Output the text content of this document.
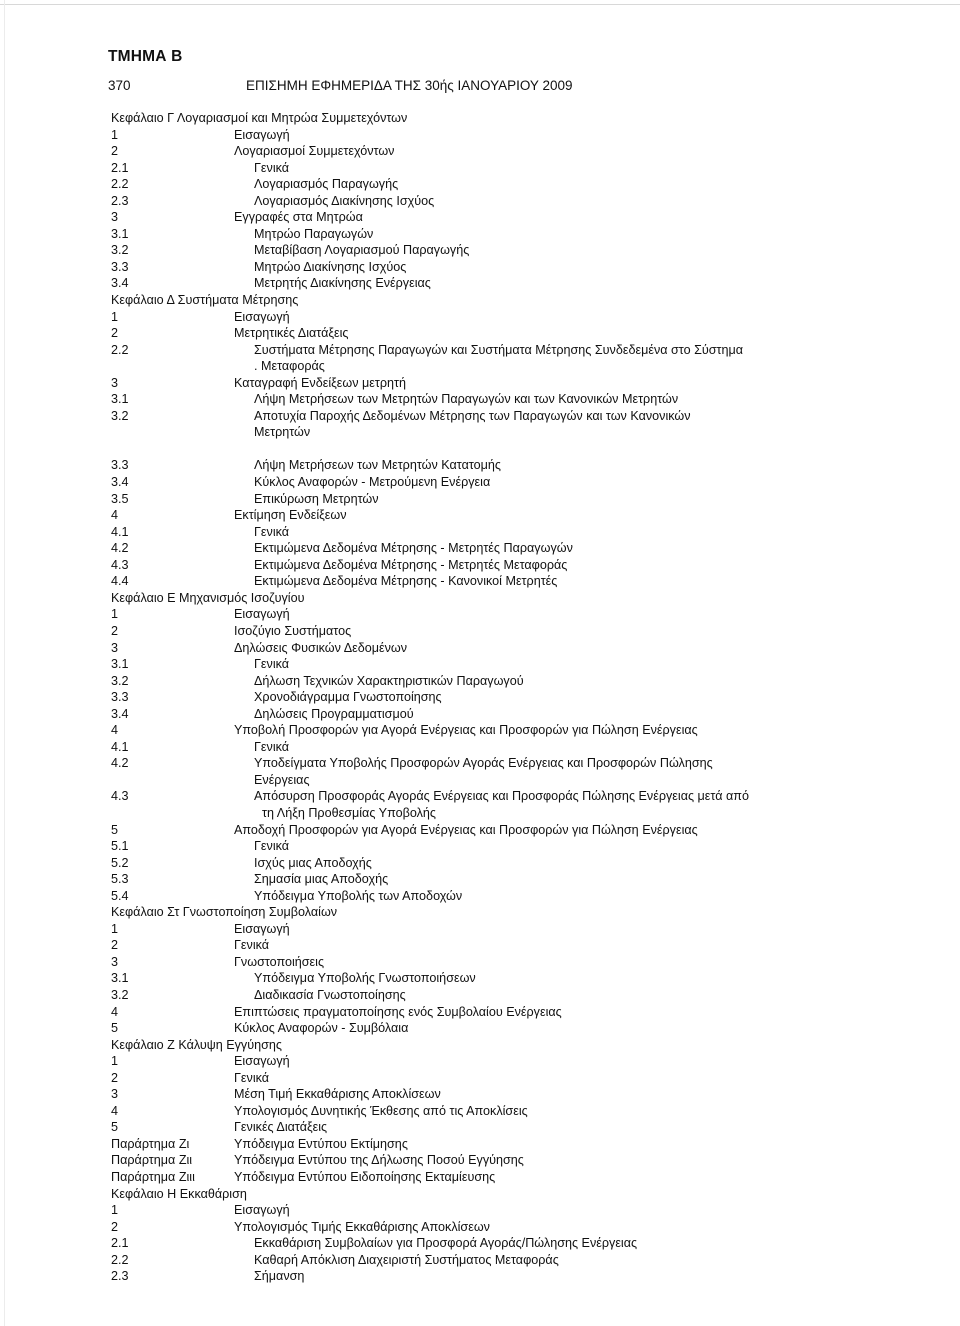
ΤΜΗΜΑ Β
370	ΕΠΙΣΗΜΗ ΕΦΗΜΕΡΙΔΑ ΤΗΣ 30ής ΙΑΝΟΥΑΡΙΟΥ 2009
Κεφάλαιο Γ Λογαριασμοί και Μητρώα Συμμετεχόντων
1	Εισαγωγή
2	Λογαριασμοί Συμμετεχόντων
2.1	Γενικά
2.2	Λογαριασμός Παραγωγής
2.3	Λογαριασμός Διακίνησης Ισχύος
3	Εγγραφές στα Μητρώα
3.1	Μητρώο Παραγωγών
3.2	Μεταβίβαση Λογαριασμού Παραγωγής
3.3	Μητρώο Διακίνησης Ισχύος
3.4	Μετρητής Διακίνησης Ενέργειας
Κεφάλαιο Δ Συστήματα Μέτρησης
1	Εισαγωγή
2	Μετρητικές Διατάξεις
2.2	Συστήματα Μέτρησης Παραγωγών και Συστήματα Μέτρησης Συνδεδεμένα στο Σύστημα
. Μεταφοράς
3	Καταγραφή Ενδείξεων μετρητή
3.1	Λήψη Μετρήσεων των Μετρητών Παραγωγών και των Κανονικών Μετρητών
3.2	Αποτυχία Παροχής Δεδομένων Μέτρησης των Παραγωγών και των Κανονικών
Μετρητών
3.3	Λήψη Μετρήσεων των Μετρητών Κατατομής
3.4	Κύκλος Αναφορών - Μετρούμενη Ενέργεια
3.5	Επικύρωση Μετρητών
4	Εκτίμηση Ενδείξεων
4.1	Γενικά
4.2	Εκτιμώμενα Δεδομένα Μέτρησης - Μετρητές Παραγωγών
4.3	Εκτιμώμενα Δεδομένα Μέτρησης - Μετρητές Μεταφοράς
4.4	Εκτιμώμενα Δεδομένα Μέτρησης - Κανονικοί Μετρητές
Κεφάλαιο Ε Μηχανισμός Ισοζυγίου
1	Εισαγωγή
2	Ισοζύγιο Συστήματος
3	Δηλώσεις Φυσικών Δεδομένων
3.1	Γενικά
3.2	Δήλωση Τεχνικών Χαρακτηριστικών Παραγωγού
3.3	Χρονοδιάγραμμα Γνωστοποίησης
3.4	Δηλώσεις Προγραμματισμού
4	Υποβολή Προσφορών για Αγορά Ενέργειας και Προσφορών για Πώληση Ενέργειας
4.1	Γενικά
4.2	Υποδείγματα Υποβολής Προσφορών Αγοράς Ενέργειας και Προσφορών Πώλησης
Ενέργειας
4.3	Απόσυρση Προσφοράς Αγοράς Ενέργειας και Προσφοράς Πώλησης Ενέργειας μετά από
τη Λήξη Προθεσμίας Υποβολής
5	Αποδοχή Προσφορών για Αγορά Ενέργειας και Προσφορών για Πώληση Ενέργειας
5.1	Γενικά
5.2	Ισχύς μιας Αποδοχής
5.3	Σημασία μιας Αποδοχής
5.4	Υπόδειγμα Υποβολής των Αποδοχών
Κεφάλαιο Στ Γνωστοποίηση Συμβολαίων
1	Εισαγωγή
2	Γενικά
3	Γνωστοποιήσεις
3.1	Υπόδειγμα Υποβολής Γνωστοποιήσεων
3.2	Διαδικασία Γνωστοποίησης
4	Επιπτώσεις πραγματοποίησης ενός Συμβολαίου Ενέργειας
5	Κύκλος Αναφορών - Συμβόλαια
Κεφάλαιο Ζ Κάλυψη Εγγύησης
1	Εισαγωγή
2	Γενικά
3	Μέση Τιμή Εκκαθάρισης Αποκλίσεων
4	Υπολογισμός Δυνητικής Έκθεσης από τις Αποκλίσεις
5	Γενικές Διατάξεις
Παράρτημα Ζι	Υπόδειγμα Εντύπου Εκτίμησης
Παράρτημα Ζιι	Υπόδειγμα Εντύπου της Δήλωσης Ποσού Εγγύησης
Παράρτημα Ζιιι	Υπόδειγμα Εντύπου Ειδοποίησης Εκταμίευσης
Κεφάλαιο Η Εκκαθάριση
1	Εισαγωγή
2	Υπολογισμός Τιμής Εκκαθάρισης Αποκλίσεων
2.1	Εκκαθάριση Συμβολαίων για Προσφορά Αγοράς/Πώλησης Ενέργειας
2.2	Καθαρή Απόκλιση Διαχειριστή Συστήματος Μεταφοράς
2.3	Σήμανση
